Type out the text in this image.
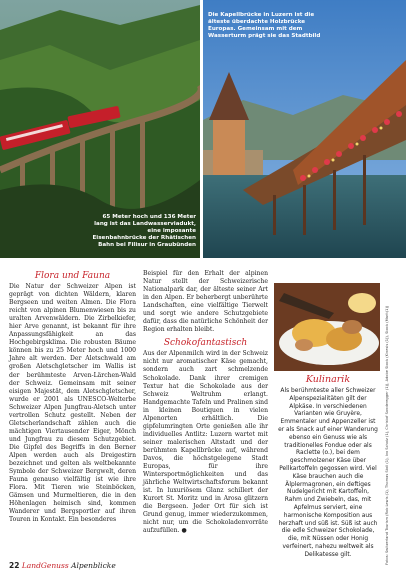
65 Meter hoch und 136 Meter lang ist das Landwasserviadukt, eine imposante Eisenbahnbrücke der Rhätischen Bahn bei Filisur in Graubünden
Die Kapellbrücke in Luzern ist die älteste überdachte Holzbrücke Europas. Gemeinsam mit dem Wasserturm prägt sie das Stadtbild
Flora und Fauna

Die Natur der Schweizer Alpen ist geprägt von dichten Wäldern, klaren Bergseen und weiten Almen. Die Flora reicht von alpinen Blumenwiesen bis zu uralten Arvenwäldern. Die Zirbelkiefer, hier Arve genannt, ist bekannt für ihre Anpassungsfähigkeit an das Hochgebirgsklima. Die robusten Bäume können bis zu 25 Meter hoch und 1000 Jahre alt werden. Der Aletschwald am großen Aletschgletscher im Wallis ist der berühmteste Arven-Lärchen-Wald der Schweiz. Gemeinsam mit seiner eisigen Majestät, dem Aletschgletscher, wurde er 2001 als UNESCO-Welterbe Schweizer Alpen Jungfrau-Aletsch unter vertrollen Schutz gestellt. Neben der Gletscherlandschaft zählen auch die mächtigen Viertausender Eiger, Mönch und Jungfrau zu diesem Schutzgebiet. Die Gipfel des Begriffs in den Berner Alpen werden auch als Dreigestirn bezeichnet und gelten als weltbekannte Symbole der Schweizer Bergwelt, deren Fauna genauso vielfältig ist wie ihre Flora. Mit Tieren wie Steinböcken, Gämsen und Murmeltieren, die in den Höhenlagen heimisch sind, kommen Wanderer und Bergsportler auf ihren Touren in Kontakt. Ein besonderes

Beispiel für den Erhalt der alpinen Natur stellt der Schweizerische Nationalpark dar, der älteste seiner Art in den Alpen. Er beherbergt unberührte Landschaften, eine vielfältige Tierwelt und sorgt wie andere Schutzgebiete dafür, dass die natürliche Schönheit der Region erhalten bleibt.

Schokofantastisch

Aus der Alpenmilch wird in der Schweiz nicht nur aromatischer Käse gemacht, sondern auch zart schmelzende Schokolade. Dank ihrer cremigen Textur hat die Schokolade aus der Schweiz Weltruhm erlangt. Handgemachte Tafeln und Pralinen sind in kleinen Boutiquen in vielen Alpenorten erhältlich. Die gipfelumringten Orte genießen alle ihr individuelles Antlitz: Luzern wartet mit seiner malerischen Altstadt und der berühmten Kapellbrücke auf, während Davos, die höchstgelegene Stadt Europas, für ihre Wintersportmöglichkeiten und das jährliche Weltwirtschaftsforum bekannt ist. In luxuriösem Glanz schillert der Kurort St. Moritz und in Arosa glitzern die Bergseen. Jeder Ort für sich ist Grund genug, immer wiederzukommen, nicht nur, um die Schokoladenvorräte aufzufüllen. ●

Kulinarik

Als berühmteste aller Schweizer Alpenspezialitäten gilt der Alpkäse. In verschiedenen Varianten wie Gruyère, Emmentaler und Appenzeller ist er als Snack auf einer Wanderung ebenso ein Genuss wie als traditionelles Fondue oder als Raclette (o.), bei dem geschmolzener Käse über Pellkartoffeln gegossen wird. Viel Käse brauchen auch die Älplermagronen, ein deftiges Nudelgericht mit Kartoffeln, Rahm und Zwiebeln, das, mit Apfelmus serviert, eine harmonische Komposition aus herzhaft und süß ist. Süß ist auch die edle Schweizer Schokolade, die, mit Nüssen oder Honig verfeinert, nahezu weltweit als Delikatesse gilt.	Fotos: Switzerland Tourism (Rob Lewis (1), Thomas Stoll (1), Ivo Scholz (1), Christof Sonderegger (1)), Adobe Stock (Kinesis (1)), Stock (Marit(1))
22 LandGenuss Alpenblicke
